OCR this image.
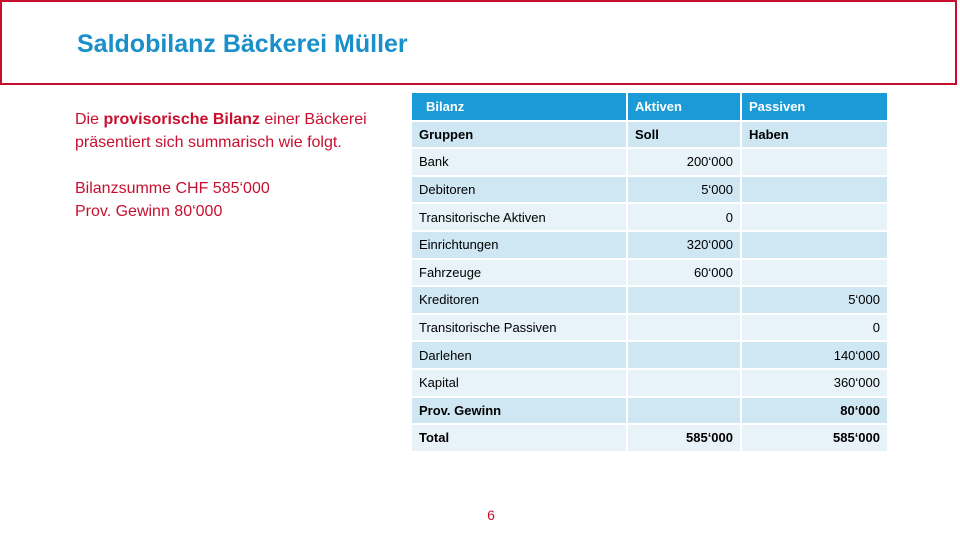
Saldobilanz Bäckerei Müller

Die provisorische Bilanz einer Bäckerei präsentiert sich summarisch wie folgt.

Bilanzsumme CHF 585‘000

Prov. Gewinn 80‘000

Bilanz	Aktiven	Passiven
Gruppen	Soll	Haben
Bank	200‘000	
Debitoren	5‘000	
Transitorische Aktiven	0	
Einrichtungen	320‘000	
Fahrzeuge	60‘000	
Kreditoren		5‘000
Transitorische Passiven		0
Darlehen		140‘000
Kapital		360‘000
Prov. Gewinn		80‘000
Total	585‘000	585‘000
6
